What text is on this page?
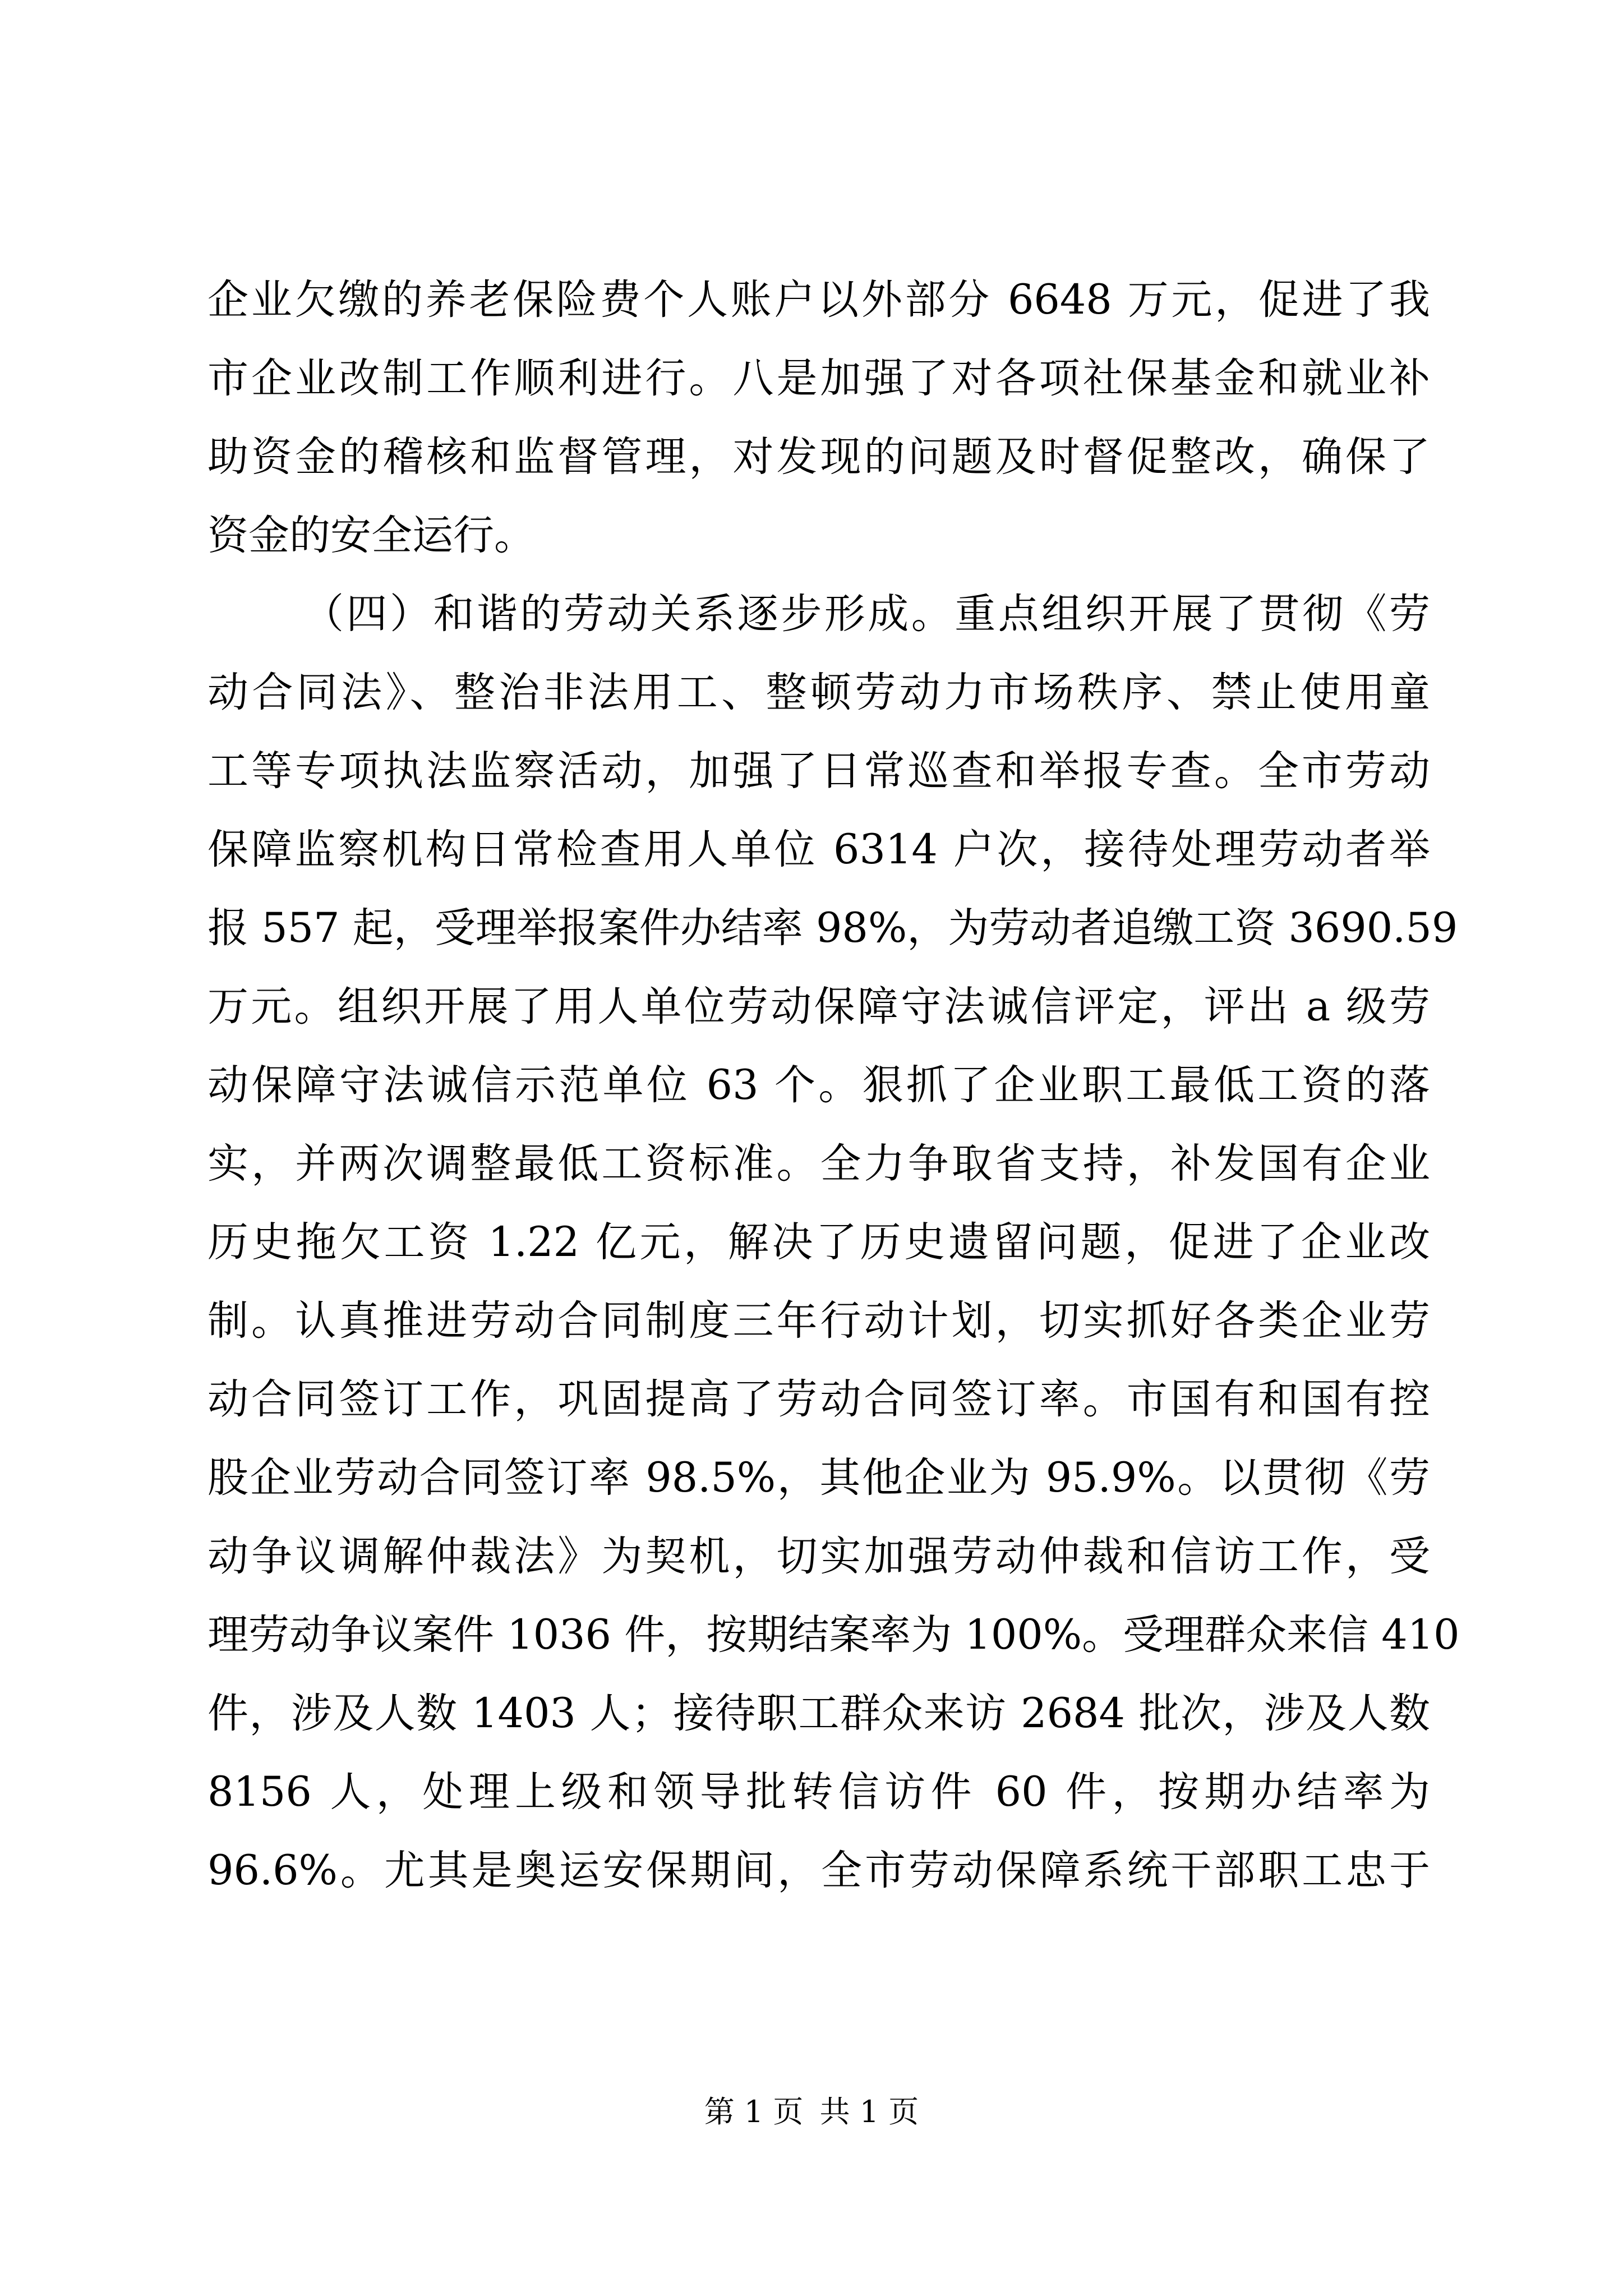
企业欠缴的养老保险费个人账户以外部分 6648 万元，促进了我
市企业改制工作顺利进行。八是加强了对各项社保基金和就业补
助资金的稽核和监督管理，对发现的问题及时督促整改，确保了
资金的安全运行。
（四）和谐的劳动关系逐步形成。重点组织开展了贯彻《劳
动合同法》、整治非法用工、整顿劳动力市场秩序、禁止使用童
工等专项执法监察活动，加强了日常巡查和举报专查。全市劳动
保障监察机构日常检查用人单位 6314 户次，接待处理劳动者举
报 557 起，受理举报案件办结率 98%，为劳动者追缴工资 3690.59
万元。组织开展了用人单位劳动保障守法诚信评定，评出 a 级劳
动保障守法诚信示范单位 63 个。狠抓了企业职工最低工资的落
实，并两次调整最低工资标准。全力争取省支持，补发国有企业
历史拖欠工资 1.22 亿元，解决了历史遗留问题，促进了企业改
制。认真推进劳动合同制度三年行动计划，切实抓好各类企业劳
动合同签订工作，巩固提高了劳动合同签订率。市国有和国有控
股企业劳动合同签订率 98.5%，其他企业为 95.9%。以贯彻《劳
动争议调解仲裁法》为契机，切实加强劳动仲裁和信访工作，受
理劳动争议案件 1036 件，按期结案率为 100%。受理群众来信 410
件，涉及人数 1403 人；接待职工群众来访 2684 批次，涉及人数
8156 人，处理上级和领导批转信访件 60 件，按期办结率为
96.6%。尤其是奥运安保期间，全市劳动保障系统干部职工忠于
第 1 页 共 1 页
